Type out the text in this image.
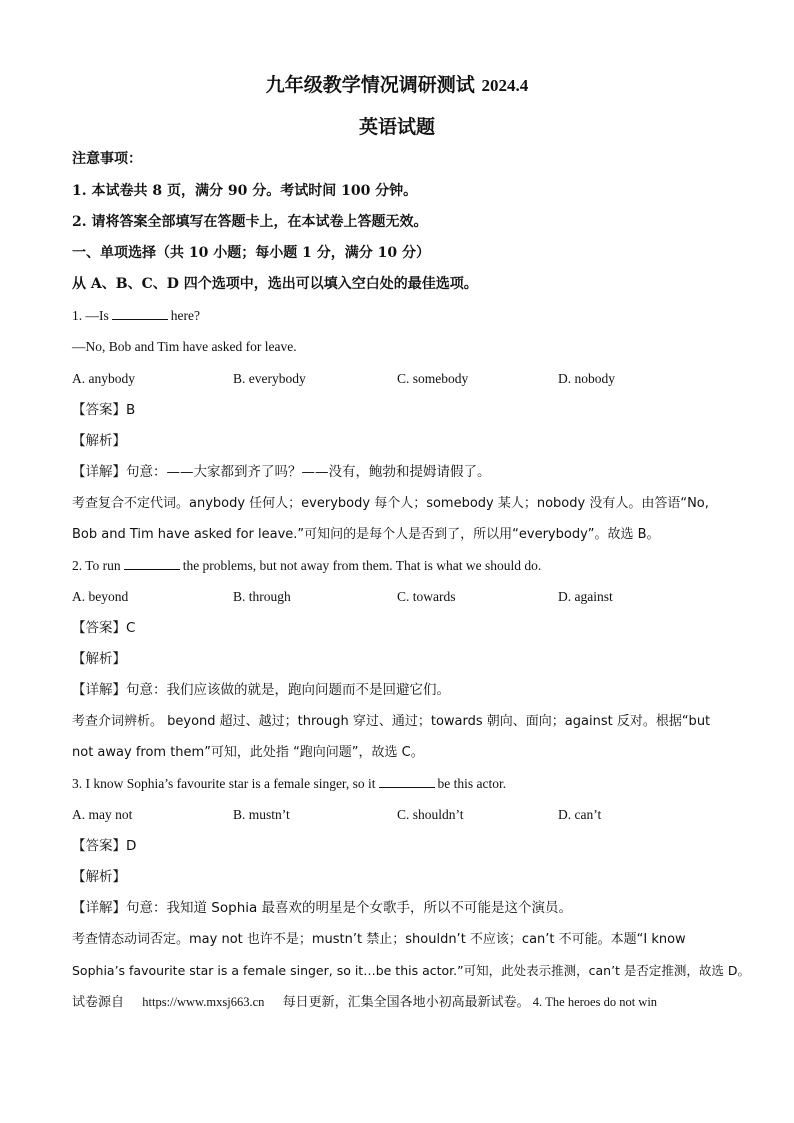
九年级教学情况调研测试 2024.4
英语试题
注意事项：
1. 本试卷共 8 页，满分 90 分。考试时间 100 分钟。
2. 请将答案全部填写在答题卡上，在本试卷上答题无效。
一、单项选择（共 10 小题；每小题 1 分，满分 10 分）
从 A、B、C、D 四个选项中，选出可以填入空白处的最佳选项。
1. —Is	here?
—No, Bob and Tim have asked for leave.
A. anybody	B. everybody	C. somebody	D. nobody
【答案】B
【解析】
【详解】句意：——大家都到齐了吗？——没有，鲍勃和提姆请假了。
考查复合不定代词。anybody 任何人；everybody 每个人；somebody 某人；nobody 没有人。由答语“No,
Bob and Tim have asked for leave.”可知问的是每个人是否到了，所以用“everybody”。故选 B。
2. To run	the problems, but not away from them. That is what we should do.
A. beyond	B. through	C. towards	D. against
【答案】C
【解析】
【详解】句意：我们应该做的就是，跑向问题而不是回避它们。
考查介词辨析。 beyond 超过、越过；through 穿过、通过；towards 朝向、面向；against 反对。根据“but
not away from them”可知，此处指 “跑向问题”，故选 C。
3. I know Sophia’s favourite star is a female singer, so it	be this actor.
A. may not	B. mustn’t	C. shouldn’t	D. can’t
【答案】D
【解析】
【详解】句意：我知道 Sophia 最喜欢的明星是个女歌手，所以不可能是这个演员。
考查情态动词否定。may not 也许不是；mustn’t 禁止；shouldn’t 不应该；can’t 不可能。本题“I know
Sophia’s favourite star is a female singer, so it…be this actor.”可知，此处表示推测，can’t 是否定推测，故选 D。
试卷源自 https://www.mxsj663.cn 每日更新，汇集全国各地小初高最新试卷。 4. The heroes do not win
